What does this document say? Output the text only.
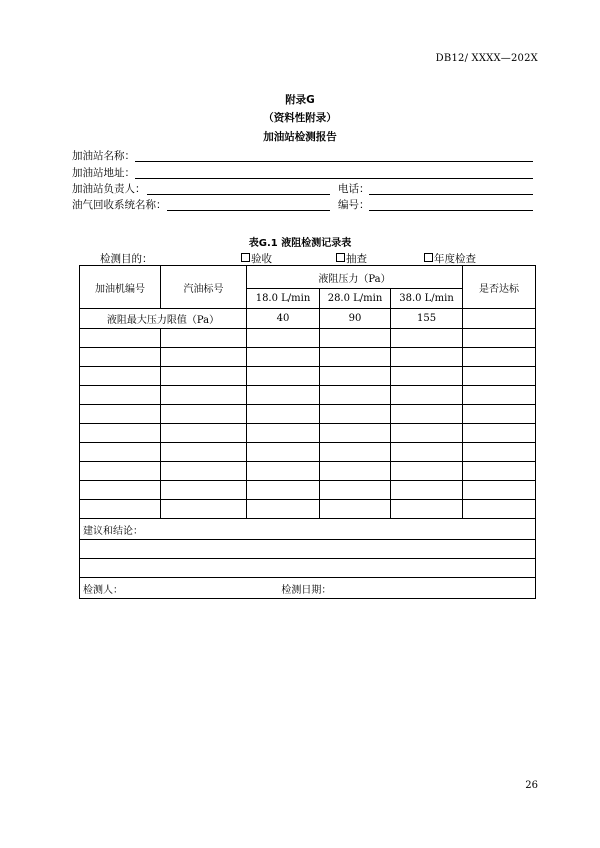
DB12/ XXXX—202X
附录G
（资料性附录）
加油站检测报告
加油站名称：
加油站地址：
加油站负责人：	电话：
油气回收系统名称：	编号：
表G.1 液阻检测记录表
检测目的：	验收	抽查	年度检查
加油机编号	汽油标号	液阻压力（Pa）			是否达标
		18.0 L/min	28.0 L/min	38.0 L/min	
液阻最大压力限值（Pa）		40	90	155	

建议和结论：					

检测人： 检测日期：					
26
